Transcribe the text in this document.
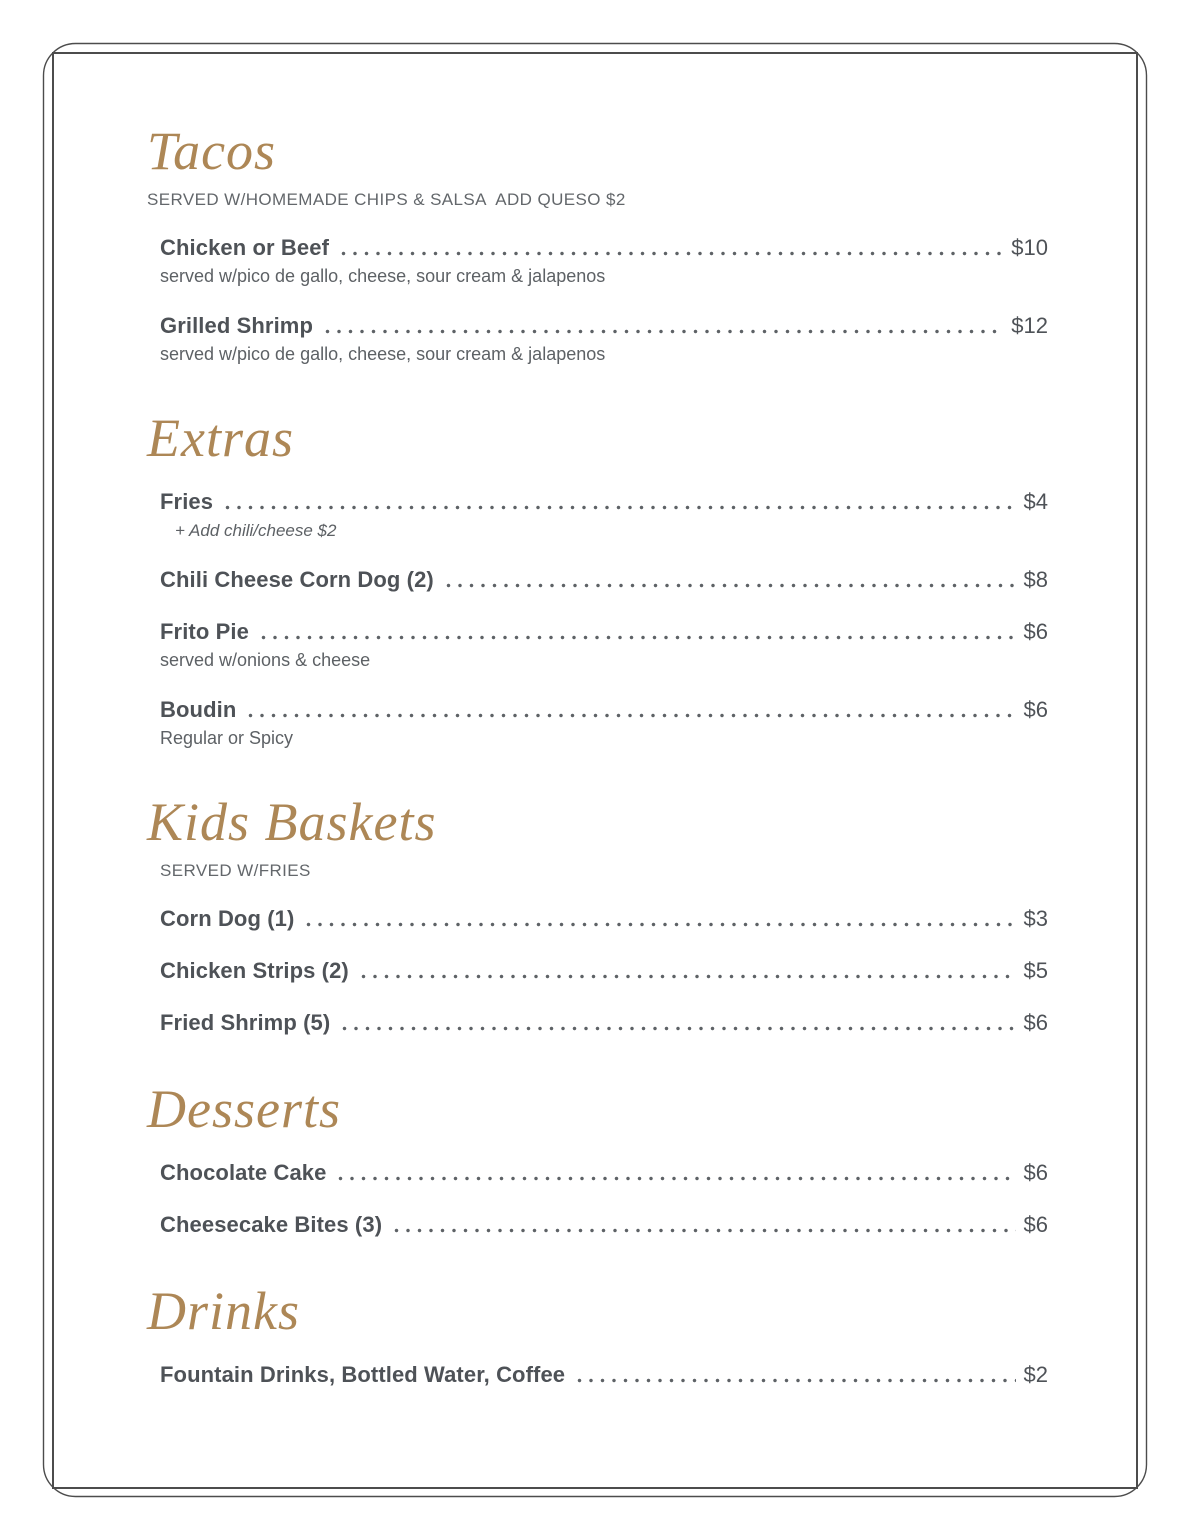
Tacos
SERVED W/HOMEMADE CHIPS & SALSA  ADD QUESO $2
Chicken or Beef	$10
served w/pico de gallo, cheese, sour cream & jalapenos
Grilled Shrimp	$12
served w/pico de gallo, cheese, sour cream & jalapenos
Extras
Fries	$4
+ Add chili/cheese $2
Chili Cheese Corn Dog (2)	$8
Frito Pie	$6
served w/onions & cheese
Boudin	$6
Regular or Spicy
Kids Baskets
SERVED W/FRIES
Corn Dog (1)	$3
Chicken Strips (2)	$5
Fried Shrimp (5)	$6
Desserts
Chocolate Cake	$6
Cheesecake Bites (3)	$6
Drinks
Fountain Drinks, Bottled Water, Coffee	$2
